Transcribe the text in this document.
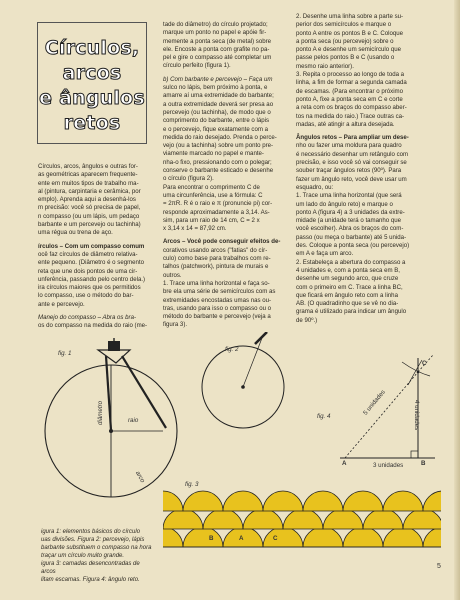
Círculos,
arcos
e ângulos
retos
Círculos, arcos, ângulos e outras for-
as geométricas aparecem frequente-
ente em muitos tipos de trabalho ma-
al (pintura, carpintaria e cerâmica, por
emplo). Aprenda aqui a desenhá-los
m precisão: você só precisa de papel,
n compasso (ou um lápis, um pedaço
barbante e um percevejo ou tachinha)
uma régua ou trena de aço.
írculos – Com um compasso comum
ocê faz círculos de diâmetro relativa-
ente pequeno. (Diâmetro é o segmento
reta que une dois pontos de uma cir-
unferência, passando pelo centro dela.)
ira círculos maiores que os permitidos
lo compasso, use o método do bar-
ante e percevejo.
Manejo do compasso – Abra os bra-
os do compasso na medida do raio (me-
tade do diâmetro) do círculo projetado;
marque um ponto no papel e apóie fir-
memente a ponta seca (de metal) sobre
ele. Encoste a ponta com grafite no pa-
pel e gire o compasso até completar um
círculo perfeito (figura 1).
b) Com barbante e percevejo – Faça um
sulco no lápis, bem próximo à ponta, e
amarre aí uma extremidade do barbante;
a outra extremidade deverá ser presa ao
percevejo (ou tachinha), de modo que o
comprimento do barbante, entre o lápis
e o percevejo, fique exatamente com a
medida do raio desejado. Prenda o perce-
vejo (ou a tachinha) sobre um ponto pre-
viamente marcado no papel e mante-
nha-o fixo, pressionando com o polegar;
conserve o barbante esticado e desenhe
o círculo (figura 2).
Para encontrar o comprimento C de
uma circunferência, use a fórmula: C
= 2πR. R é o raio e π (pronuncie pi) cor-
responde aproximadamente a 3,14. As-
sim, para um raio de 14 cm, C = 2 x
x 3,14 x 14 = 87,92 cm.
Arcos – Você pode conseguir efeitos de-
corativos usando arcos ("fatias" do cír-
culo) como base para trabalhos com re-
talhos (patchwork), pintura de murais e
outros.
1. Trace uma linha horizontal e faça so-
bre ela uma série de semicírculos com as
extremidades encostadas umas nas ou-
tras, usando para isso o compasso ou o
método do barbante e percevejo (veja a
figura 3).
2. Desenhe uma linha sobre a parte su-
perior dos semicírculos e marque o
ponto A entre os pontos B e C. Coloque
a ponta seca (ou percevejo) sobre o
ponto A e desenhe um semicírculo que
passe pelos pontos B e C (usando o
mesmo raio anterior).
3. Repita o processo ao longo de toda a
linha, a fim de formar a segunda camada
de escamas. (Para encontrar o próximo
ponto A, fixe a ponta seca em C e corte
a reta com os braços do compasso aber-
tos na medida do raio.) Trace outras ca-
madas, até atingir a altura desejada.
Ângulos retos – Para ampliar um dese-
nho ou fazer uma moldura para quadro
é necessário desenhar um retângulo com
precisão, e isso você só vai conseguir se
souber traçar ângulos retos (90º). Para
fazer um ângulo reto, você deve usar um
esquadro, ou:
1. Trace uma linha horizontal (que será
um lado do ângulo reto) e marque o
ponto A (figura 4) a 3 unidades da extre-
midade (a unidade terá o tamanho que
você escolher). Abra os braços do com-
passo (ou meça o barbante) até 5 unida-
des. Coloque a ponta seca (ou percevejo)
em A e faça um arco.
2. Estabeleça a abertura do compasso a
4 unidades e, com a ponta seca em B,
desenhe um segundo arco, que cruze
com o primeiro em C. Trace a linha BC,
que ficará em ângulo reto com a linha
AB. (O quadradinho que se vê no dia-
grama é utilizado para indicar um ângulo
de 90º.)
fig. 1
raio
diâmetro
arco
fig. 2
fig. 3
B	A	C
fig. 4
3 unidades
4 unidades
5 unidades
A	B
C
igura 1: elementos básicos do círculo
uas divisões. Figura 2: percevejo, lápis
barbante substituem o compasso na hora
traçar um círculo muito grande.
igura 3: camadas desencontradas de arcos
litam escamas. Figura 4: ângulo reto.
5
